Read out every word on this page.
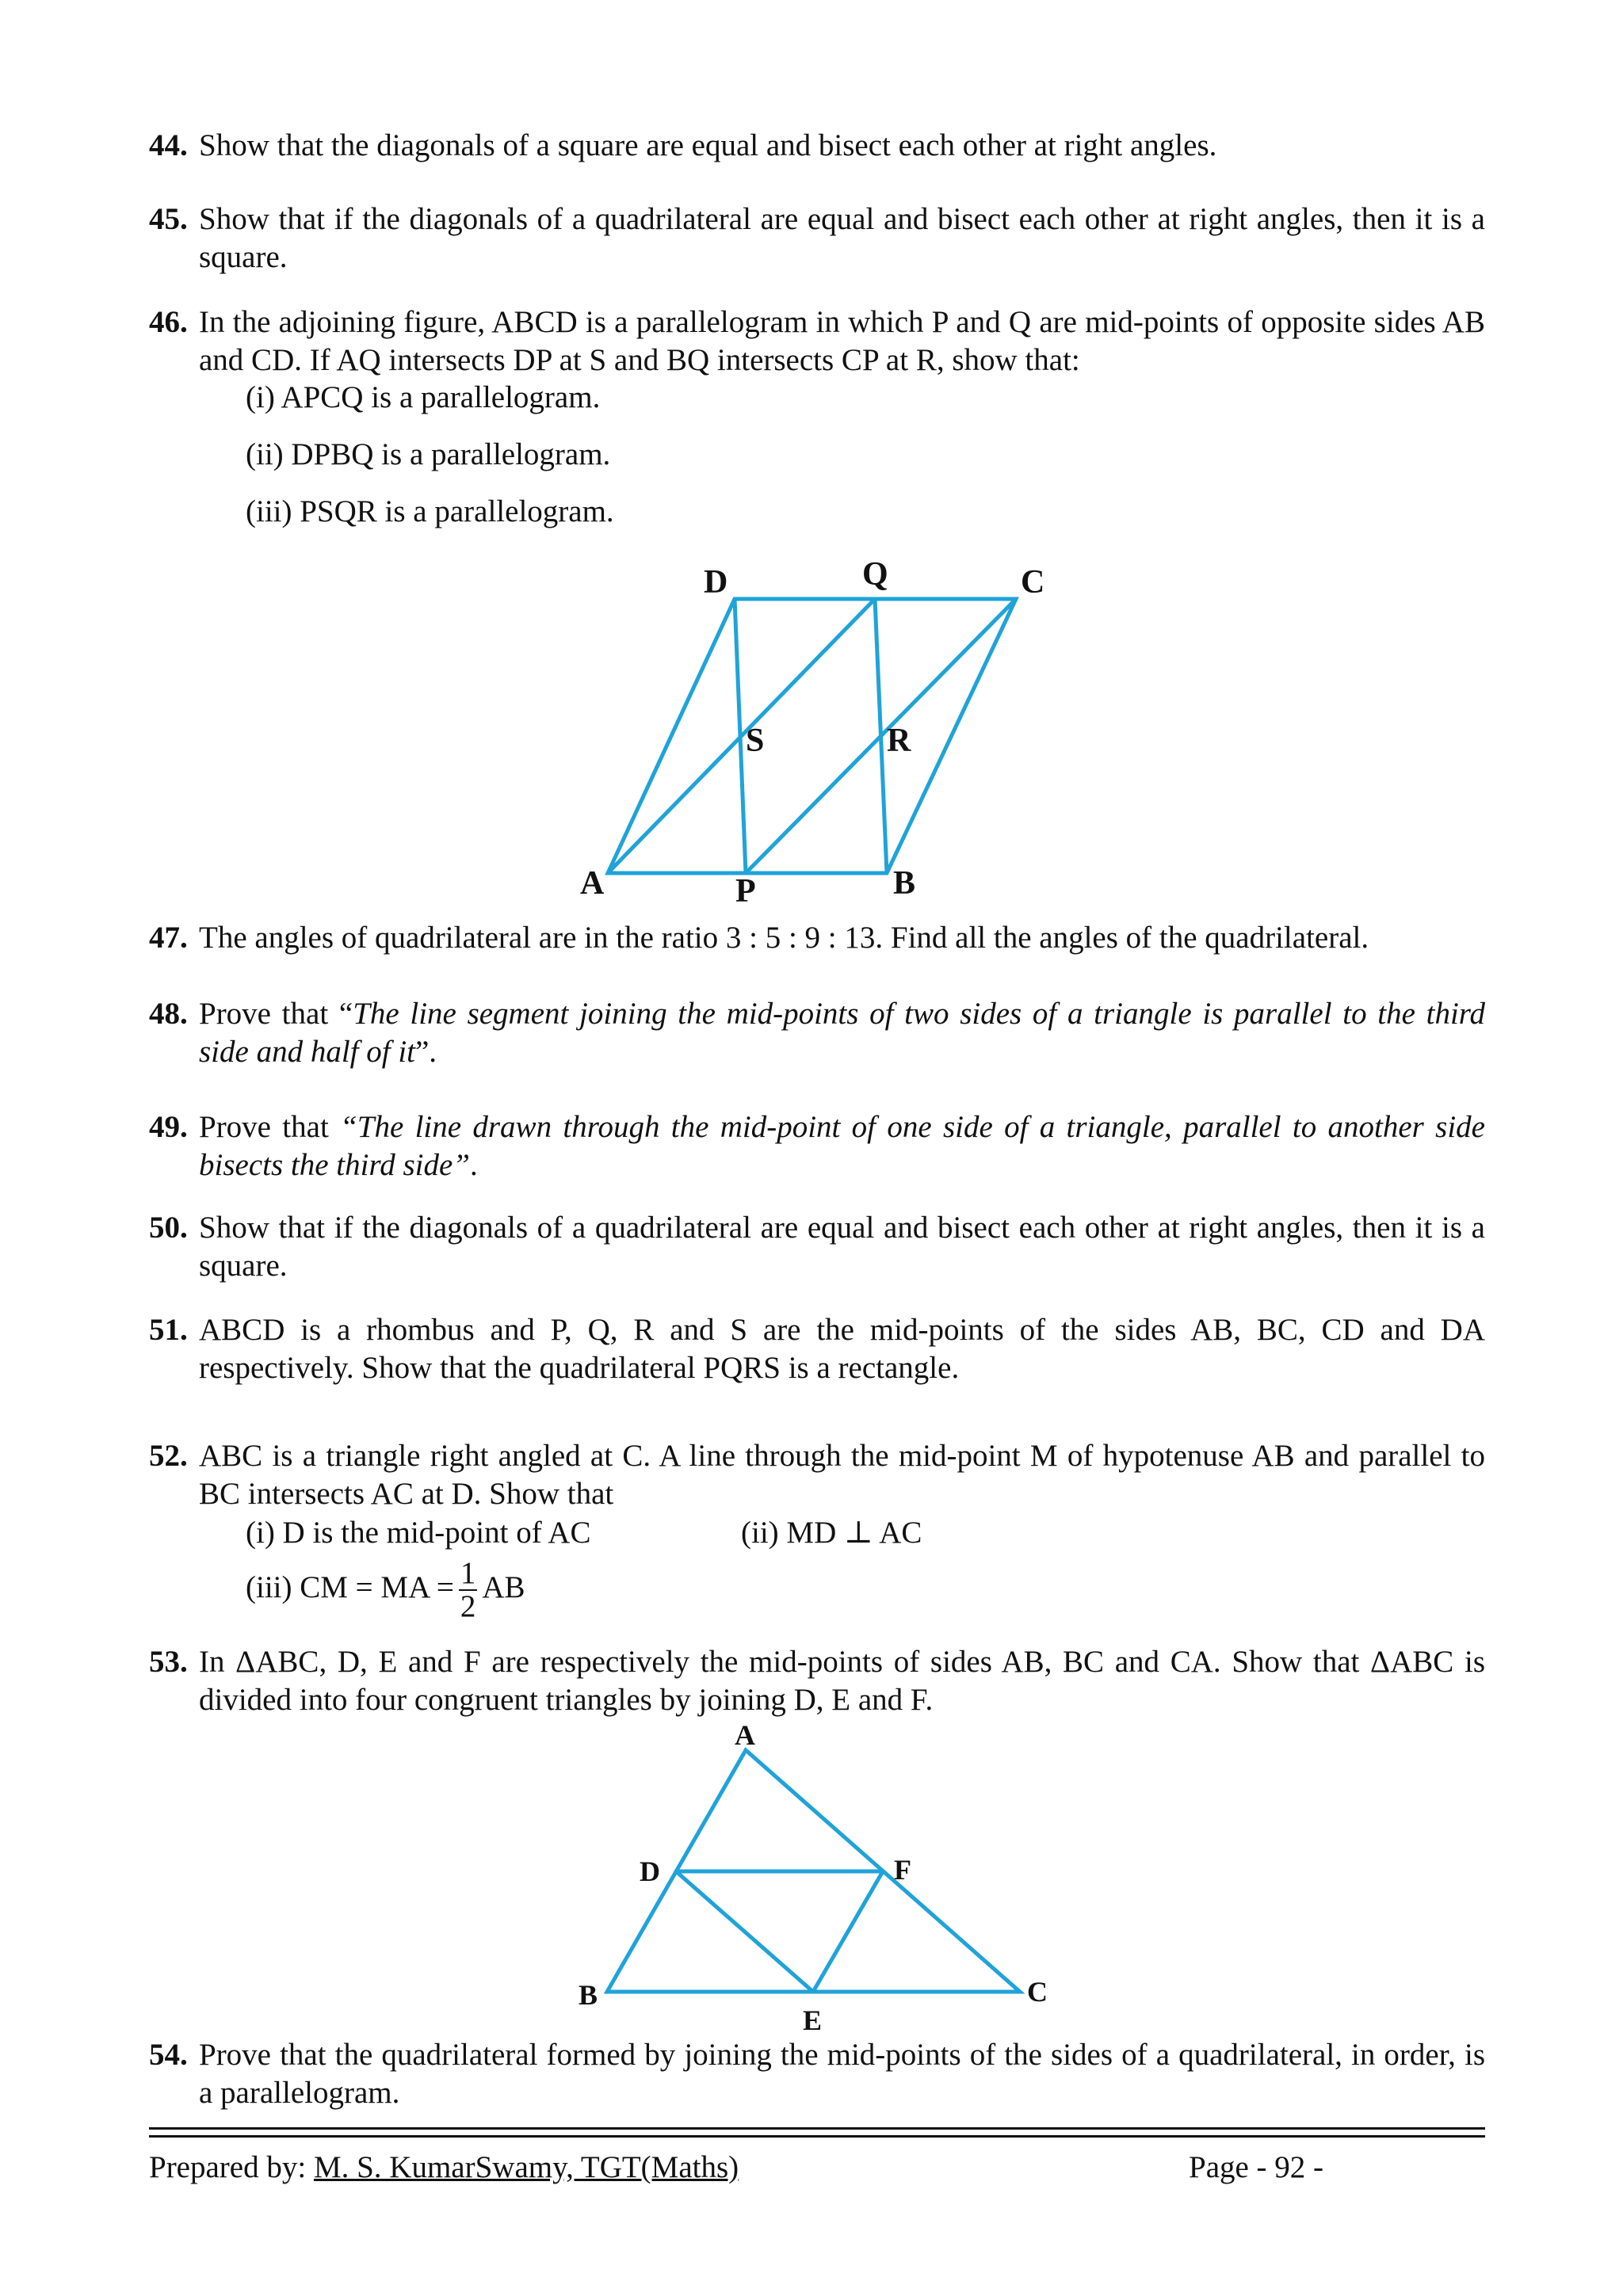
44. Show that the diagonals of a square are equal and bisect each other at right angles.
45. Show that if the diagonals of a quadrilateral are equal and bisect each other at right angles, then it is a square.
46. In the adjoining figure, ABCD is a parallelogram in which P and Q are mid-points of opposite sides AB and CD. If AQ intersects DP at S and BQ intersects CP at R, show that:
(i) APCQ is a parallelogram.
(ii) DPBQ is a parallelogram.
(iii) PSQR is a parallelogram.
D	Q	C
S	R
A	P	B
47. The angles of quadrilateral are in the ratio 3 : 5 : 9 : 13. Find all the angles of the quadrilateral.
48. Prove that “The line segment joining the mid-points of two sides of a triangle is parallel to the third side and half of it”.
49. Prove that “The line drawn through the mid-point of one side of a triangle, parallel to another side bisects the third side”.
50. Show that if the diagonals of a quadrilateral are equal and bisect each other at right angles, then it is a square.
51. ABCD is a rhombus and P, Q, R and S are the mid-points of the sides AB, BC, CD and DA respectively. Show that the quadrilateral PQRS is a rectangle.
52. ABC is a triangle right angled at C. A line through the mid-point M of hypotenuse AB and parallel to BC intersects AC at D. Show that
(i) D is the mid-point of AC	(ii) MD ⊥ AC
(iii) CM = MA = $\frac{1}{2}$ AB
53. In ΔABC, D, E and F are respectively the mid-points of sides AB, BC and CA. Show that ΔABC is divided into four congruent triangles by joining D, E and F.
A
D	F
B
E
C
54. Prove that the quadrilateral formed by joining the mid-points of the sides of a quadrilateral, in order, is a parallelogram.
Prepared by: M. S. KumarSwamy, TGT(Maths)	Page - 92 -
